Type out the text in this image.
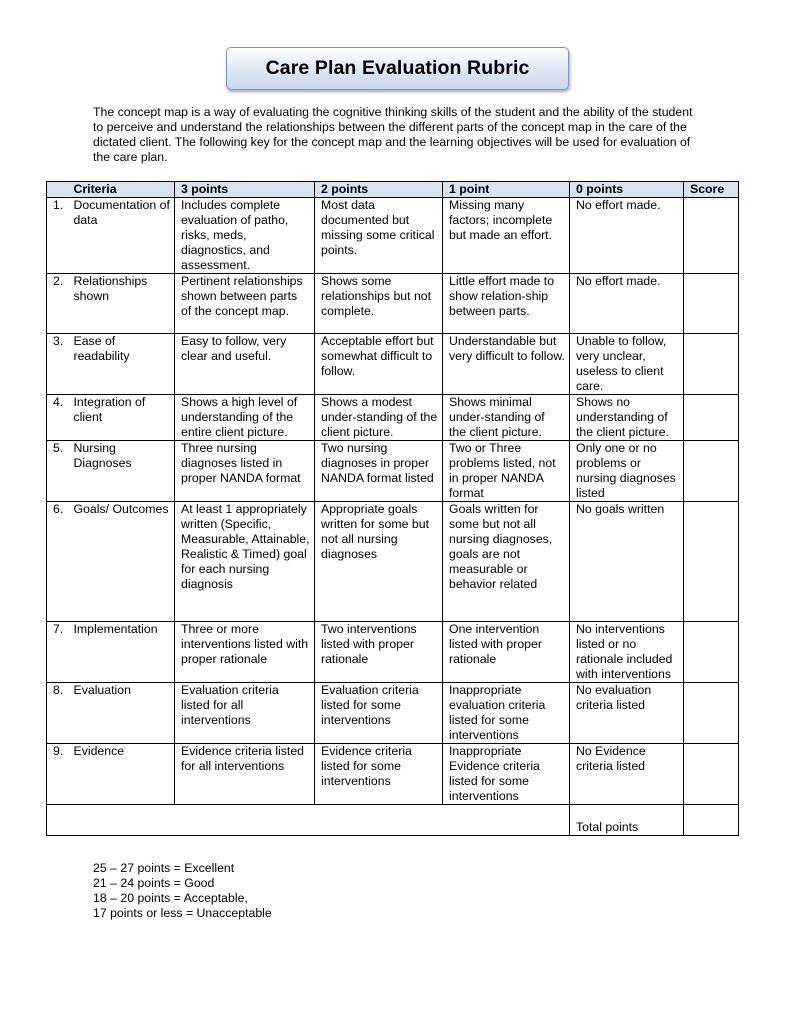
Care Plan Evaluation Rubric

The concept map is a way of evaluating the cognitive thinking skills of the student and the ability of the student to perceive and understand the relationships between the different parts of the concept map in the care of the dictated client. The following key for the concept map and the learning objectives will be used for evaluation of the care plan.

	Criteria	3 points	2 points	1 point	0 points	Score
1.	Documentation of data	Includes complete evaluation of patho, risks, meds, diagnostics, and assessment.	Most data documented but missing some critical points.	Missing many factors; incomplete but made an effort.	No effort made.	
2.	Relationships shown	Pertinent relationships shown between parts of the concept map.	Shows some relationships but not complete.	Little effort made to show relation-ship between parts.	No effort made.	
3.	Ease of readability	Easy to follow, very clear and useful.	Acceptable effort but somewhat difficult to follow.	Understandable but very difficult to follow.	Unable to follow, very unclear, useless to client care.	
4.	Integration of client	Shows a high level of understanding of the entire client picture.	Shows a modest under-standing of the client picture.	Shows minimal under-standing of the client picture.	Shows no understanding of the client picture.	
5.	Nursing Diagnoses	Three nursing diagnoses listed in proper NANDA format	Two nursing diagnoses in proper NANDA format listed	Two or Three problems listed, not in proper NANDA format	Only one or no problems or nursing diagnoses listed	
6.	Goals/ Outcomes	At least 1 appropriately written (Specific, Measurable, Attainable, Realistic & Timed) goal for each nursing diagnosis	Appropriate goals written for some but not all nursing diagnoses	Goals written for some but not all nursing diagnoses, goals are not measurable or behavior related	No goals written	
7.	Implementation	Three or more interventions listed with proper rationale	Two interventions listed with proper rationale	One intervention listed with proper rationale	No interventions listed or no rationale included with interventions	
8.	Evaluation	Evaluation criteria listed for all interventions	Evaluation criteria listed for some interventions	Inappropriate evaluation criteria listed for some interventions	No evaluation criteria listed	
9.	Evidence	Evidence criteria listed for all interventions	Evidence criteria listed for some interventions	Inappropriate Evidence criteria listed for some interventions	No Evidence criteria listed	
					Total points	
25 – 27 points = Excellent
21 – 24 points = Good
18 – 20 points = Acceptable,
17 points or less = Unacceptable
